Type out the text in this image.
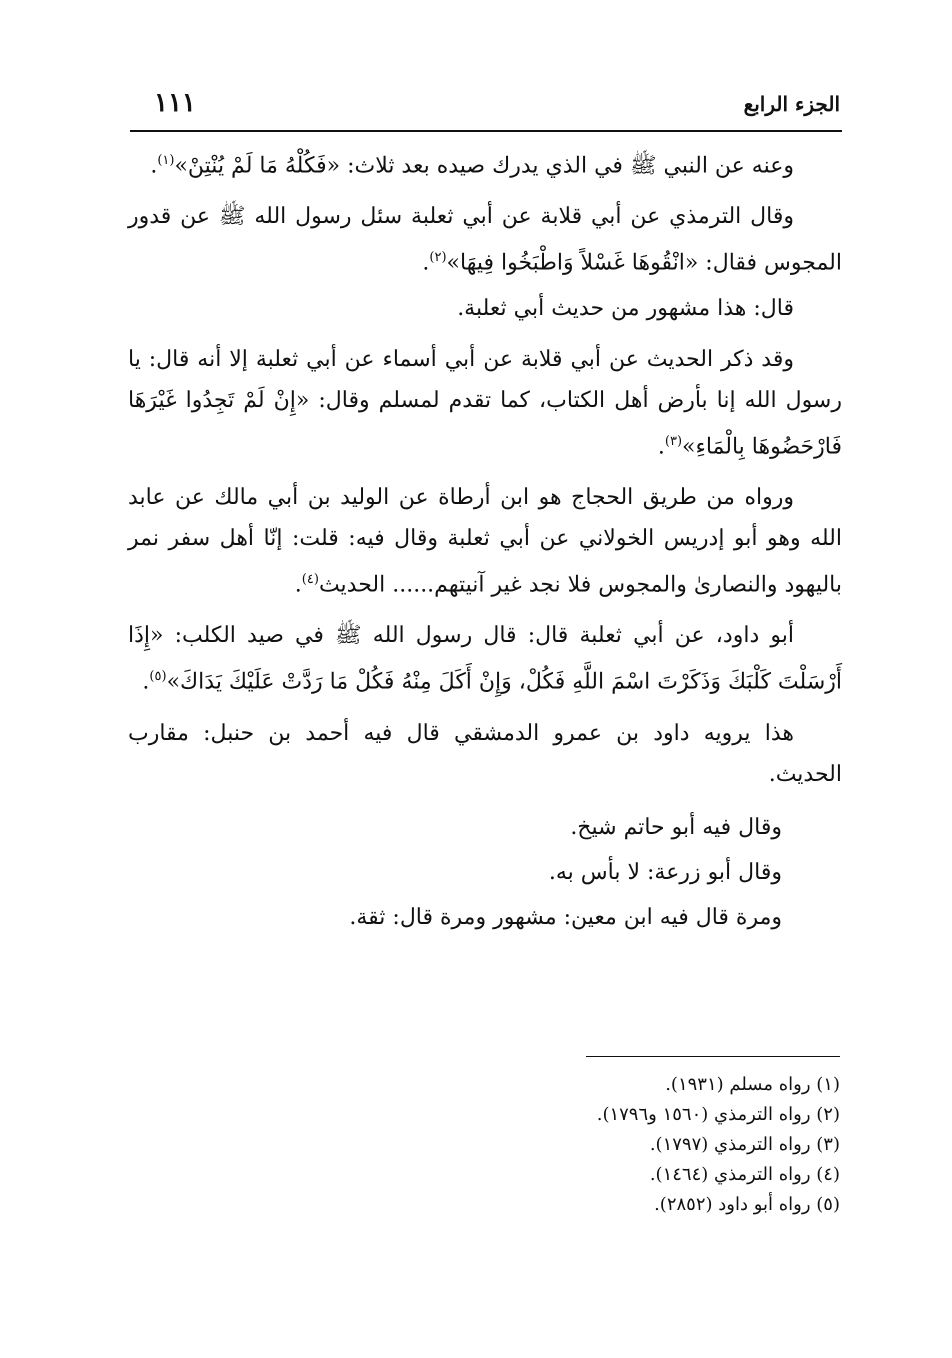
الجزء الرابع
١١١

وعنه عن النبي ﷺ في الذي يدرك صيده بعد ثلاث: «فَكُلْهُ مَا لَمْ يُنْتِنْ»$^{(١)}$.

وقال الترمذي عن أبي قلابة عن أبي ثعلبة سئل رسول الله ﷺ عن قدور المجوس فقال: «انْقُوهَا غَسْلاً وَاطْبَخُوا فِيهَا»$^{(٢)}$.

قال: هذا مشهور من حديث أبي ثعلبة.

وقد ذكر الحديث عن أبي قلابة عن أبي أسماء عن أبي ثعلبة إلا أنه قال: يا رسول الله إنا بأرض أهل الكتاب، كما تقدم لمسلم وقال: «إِنْ لَمْ تَجِدُوا غَيْرَهَا فَارْحَضُوهَا بِالْمَاءِ»$^{(٣)}$.

ورواه من طريق الحجاج هو ابن أرطاة عن الوليد بن أبي مالك عن عابد الله وهو أبو إدريس الخولاني عن أبي ثعلبة وقال فيه: قلت: إنّا أهل سفر نمر باليهود والنصارىٰ والمجوس فلا نجد غير آنيتهم...... الحديث$^{(٤)}$.

أبو داود، عن أبي ثعلبة قال: قال رسول الله ﷺ في صيد الكلب: «إِذَا أَرْسَلْتَ كَلْبَكَ وَذَكَرْتَ اسْمَ اللَّهِ فَكُلْ، وَإِنْ أَكَلَ مِنْهُ فَكُلْ مَا رَدَّتْ عَلَيْكَ يَدَاكَ»$^{(٥)}$.

هذا يرويه داود بن عمرو الدمشقي قال فيه أحمد بن حنبل: مقارب الحديث.

وقال فيه أبو حاتم شيخ.

وقال أبو زرعة: لا بأس به.

ومرة قال فيه ابن معين: مشهور ومرة قال: ثقة.

(١) رواه مسلم (١٩٣١).

(٢) رواه الترمذي (١٥٦٠ و١٧٩٦).

(٣) رواه الترمذي (١٧٩٧).

(٤) رواه الترمذي (١٤٦٤).

(٥) رواه أبو داود (٢٨٥٢).
